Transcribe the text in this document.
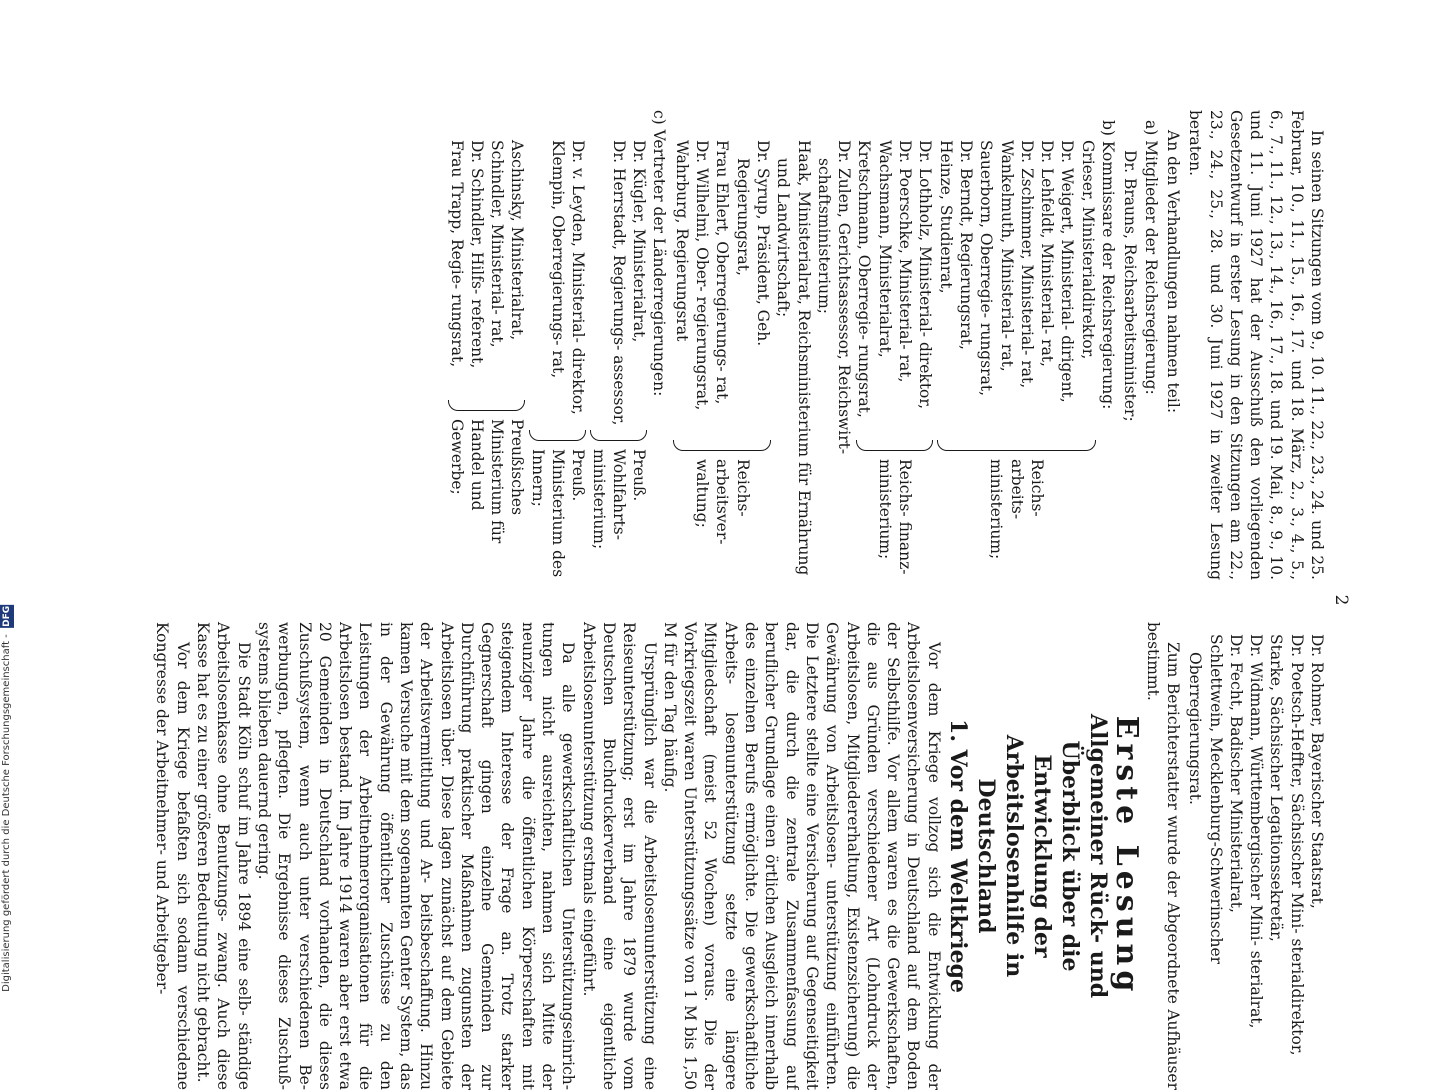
2

In seinen Sitzungen vom 9., 10. 11., 22., 23., 24. und 25. Februar, 10., 11., 15., 16., 17. und 18. März, 2., 3., 4., 5., 6., 7., 11., 12., 13., 14., 16., 17., 18. und 19. Mai, 8., 9., 10. und 11. Juni 1927 hat der Ausschuß den vorliegenden Gesetzentwurf in erster Lesung in den Sitzungen am 22., 23., 24., 25., 28. und 30. Juni 1927 in zweiter Lesung beraten.

An den Verhandlungen nahmen teil:

a) Mitglieder der Reichsregierung:

Dr. Brauns, Reichsarbeitsminister;

b) Kommissare der Reichsregierung:

Grieser, Ministerialdirektor,
Dr. Weigert, Ministerial- dirigent,
Dr. Lehfeldt, Ministerial- rat,
Dr. Zschimmer, Ministerial- rat,
Wankelmuth, Ministerial- rat,
Sauerborn, Oberregie- rungsrat,
Dr. Berndt, Regierungsrat,
Heinze, Studienrat,
Reichs- arbeits- ministerium;
Dr. Lothholz, Ministerial- direktor,
Dr. Poerschke, Ministerial- rat,
Wachsmann, Ministerialrat,
Kretschmann, Oberregie- rungsrat,
Reichs- finanz- ministerium;
Dr. Zulen, Gerichtsassessor, Reichswirt- schaftsministerium;
Haak, Ministerialrat, Reichsministerium für Ernährung und Landwirtschaft;
Dr. Syrup, Präsident, Geh. Regierungsrat,
Frau Ehlert, Oberregierungs- rat,
Dr. Wilhelmi, Ober- regierungsrat,
Wahrburg, Regierungsrat
Reichs- arbeitsver- waltung;

c) Vertreter der Länderregierungen:

Dr. Kügler, Ministerialrat,
Dr. Herrstadt, Regierungs- assessor,
Preuß. Wohlfahrts- ministerium;
Dr. v. Leyden, Ministerial- direktor,
Klempin, Oberregierungs- rat,
Preuß. Ministerium des Innern;
Aschinsky, Ministerialrat,
Schindler, Ministerial- rat,
Dr. Schindler, Hilfs- referent,
Frau Trapp, Regie- rungsrat,
Preußisches Ministerium für Handel und Gewerbe;
Dr. Rohmer, Bayerischer Staatsrat,
Dr. Poetsch-Heffter, Sächsischer Mini- sterialdirektor,
Starke, Sächsischer Legationssekretär,
Dr. Widmann, Württembergischer Mini- sterialrat,
Dr. Fecht, Badischer Ministerialrat,
Schlettwein, Mecklenburg-Schwerinscher Oberregierungsrat.

Zum Berichterstatter wurde der Abgeordnete Aufhäuser bestimmt.

Erste Lesung
Allgemeiner Rück- und Überblick über die Entwicklung der Arbeitslosenhilfe in Deutschland
1. Vor dem Weltkriege

Vor dem Kriege vollzog sich die Entwicklung der Arbeitslosenversicherung in Deutschland auf dem Boden der Selbsthilfe. Vor allem waren es die Gewerkschaften, die aus Gründen verschiedener Art (Lohndruck der Arbeitslosen, Mitgliedererhaltung, Existenzsicherung) die Gewährung von Arbeitslosen- unterstützung einführten. Die Letztere stellte eine Versicherung auf Gegenseitigkeit dar, die durch die zentrale Zusammenfassung auf beruflicher Grundlage einen örtlichen Ausgleich innerhalb des einzelnen Berufs ermöglichte. Die gewerkschaftliche Arbeits- losenunterstützung setzte eine längere Mitgliedschaft (meist 52 Wochen) voraus. Die der Vorkriegszeit waren Unterstützungssätze von 1 M bis 1,50 M für den Tag häufig.

Ursprünglich war die Arbeitslosenunterstützung eine Reiseunterstützung; erst im Jahre 1879 wurde vom Deutschen Buchdruckerverband eine eigentliche Arbeitslosenunterstützung erstmals eingeführt.

Da alle gewerkschaftlichen Unterstützungseinrich- tungen nicht ausreichten, nahmen sich Mitte der neunziger Jahre die öffentlichen Körperschaften mit steigendem Interesse der Frage an. Trotz starker Gegnerschaft gingen einzelne Gemeinden zur Durchführung praktischer Maßnahmen zugunsten der Arbeitslosen über. Diese lagen zunächst auf dem Gebiete der Arbeitsvermittlung und Ar- beitsbeschaffung. Hinzu kamen Versuche mit dem sogenannten Genter System, das in der Gewährung öffentlicher Zuschüsse zu den Leistungen der Arbeitnehmerorganisationen für die Arbeitslosen bestand. Im Jahre 1914 waren aber erst etwa 20 Gemeinden in Deutschland vorhanden, die dieses Zuschußsystem, wenn auch unter verschiedenen Be- werbungen, pflegten. Die Ergebnisse dieses Zuschuß- systems blieben dauernd gering.

Die Stadt Köln schuf im Jahre 1894 eine selb- ständige Arbeitslosenkasse ohne Benutzungs- zwang. Auch diese Kasse hat es zu einer größeren Bedeutung nicht gebracht.

Vor dem Kriege befaßten sich sodann verschiedene Kongresse der Arbeitnehmer- und Arbeitgeber-

Digitalisierung gefördert durch die Deutsche Forschungsgemeinschaft - DFG
